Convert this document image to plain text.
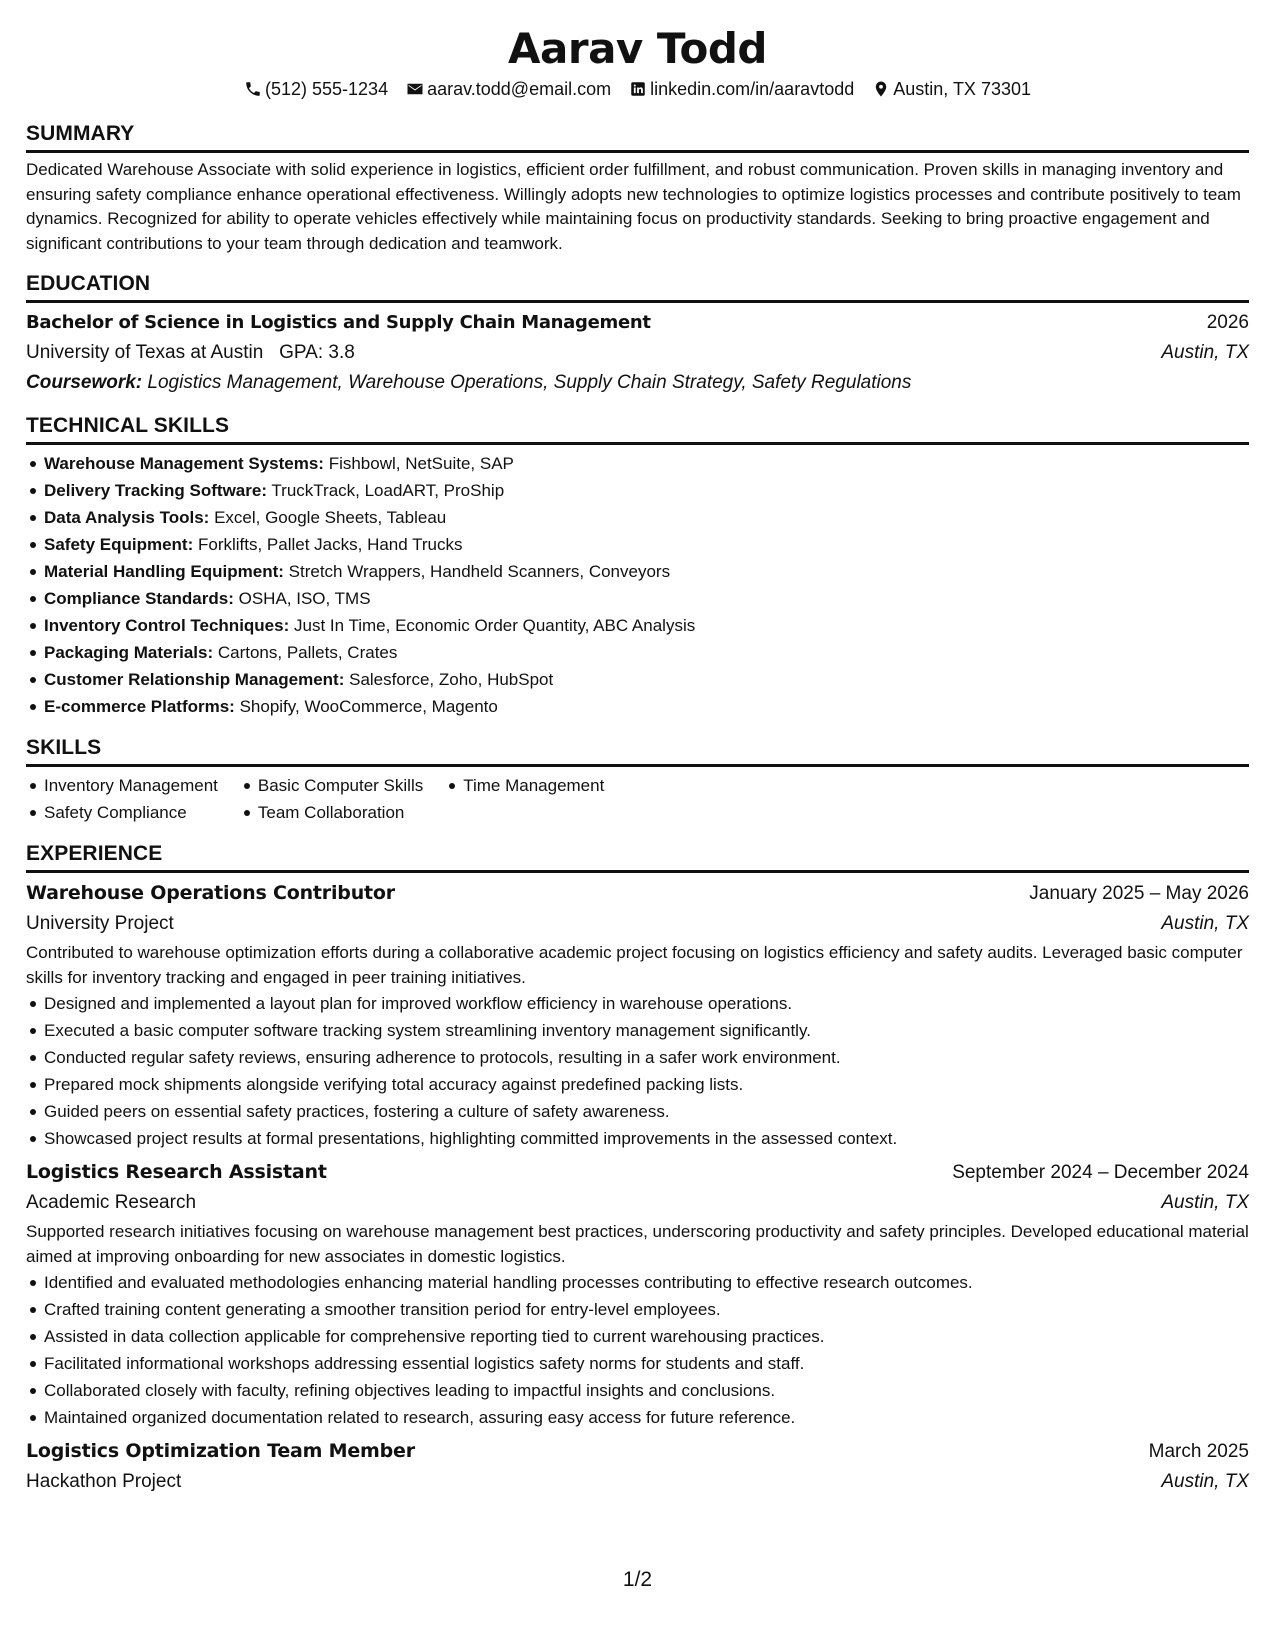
Aarav Todd
(512) 555-1234 aarav.todd@email.com linkedin.com/in/aaravtodd Austin, TX 73301
SUMMARY
Dedicated Warehouse Associate with solid experience in logistics, efficient order fulfillment, and robust communication. Proven skills in managing inventory and ensuring safety compliance enhance operational effectiveness. Willingly adopts new technologies to optimize logistics processes and contribute positively to team dynamics. Recognized for ability to operate vehicles effectively while maintaining focus on productivity standards. Seeking to bring proactive engagement and significant contributions to your team through dedication and teamwork.
EDUCATION
Bachelor of Science in Logistics and Supply Chain Management	2026
University of Texas at Austin GPA: 3.8	Austin, TX
Coursework: Logistics Management, Warehouse Operations, Supply Chain Strategy, Safety Regulations
TECHNICAL SKILLS
Warehouse Management Systems: Fishbowl, NetSuite, SAP
Delivery Tracking Software: TruckTrack, LoadART, ProShip
Data Analysis Tools: Excel, Google Sheets, Tableau
Safety Equipment: Forklifts, Pallet Jacks, Hand Trucks
Material Handling Equipment: Stretch Wrappers, Handheld Scanners, Conveyors
Compliance Standards: OSHA, ISO, TMS
Inventory Control Techniques: Just In Time, Economic Order Quantity, ABC Analysis
Packaging Materials: Cartons, Pallets, Crates
Customer Relationship Management: Salesforce, Zoho, HubSpot
E-commerce Platforms: Shopify, WooCommerce, Magento
SKILLS
Inventory Management
Safety Compliance
Basic Computer Skills
Team Collaboration
Time Management
EXPERIENCE
Warehouse Operations Contributor	January 2025 – May 2026
University Project	Austin, TX
Contributed to warehouse optimization efforts during a collaborative academic project focusing on logistics efficiency and safety audits. Leveraged basic computer skills for inventory tracking and engaged in peer training initiatives.
Designed and implemented a layout plan for improved workflow efficiency in warehouse operations.
Executed a basic computer software tracking system streamlining inventory management significantly.
Conducted regular safety reviews, ensuring adherence to protocols, resulting in a safer work environment.
Prepared mock shipments alongside verifying total accuracy against predefined packing lists.
Guided peers on essential safety practices, fostering a culture of safety awareness.
Showcased project results at formal presentations, highlighting committed improvements in the assessed context.
Logistics Research Assistant	September 2024 – December 2024
Academic Research	Austin, TX
Supported research initiatives focusing on warehouse management best practices, underscoring productivity and safety principles. Developed educational material aimed at improving onboarding for new associates in domestic logistics.
Identified and evaluated methodologies enhancing material handling processes contributing to effective research outcomes.
Crafted training content generating a smoother transition period for entry-level employees.
Assisted in data collection applicable for comprehensive reporting tied to current warehousing practices.
Facilitated informational workshops addressing essential logistics safety norms for students and staff.
Collaborated closely with faculty, refining objectives leading to impactful insights and conclusions.
Maintained organized documentation related to research, assuring easy access for future reference.
Logistics Optimization Team Member	March 2025
Hackathon Project	Austin, TX
1/2
